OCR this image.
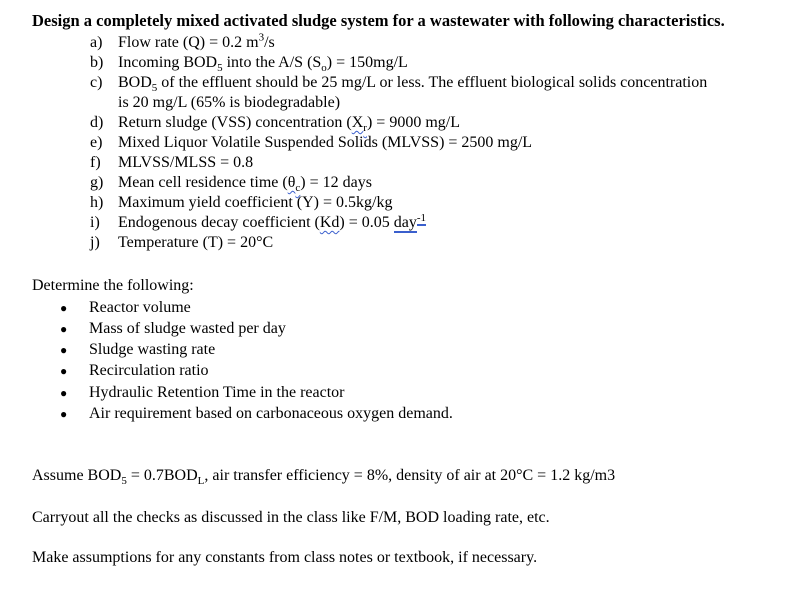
Design a completely mixed activated sludge system for a wastewater with following characteristics.
a) Flow rate (Q) = 0.2 $m^3/s$
b) Incoming $BOD_5$ into the A/S $(S_o) = 150mg/L$
c) $BOD_5$ of the effluent should be 25 mg/L or less. The effluent biological solids concentration
is 20 mg/L (65% is biodegradable)
d) Return sludge (VSS) concentration $(X_r) = 9000$ mg/L
e) Mixed Liquor Volatile Suspended Solids (MLVSS) = 2500 mg/L
f)	MLVSS/MLSS = 0.8
g) Mean cell residence time $(\theta_c) = 12$ days
h) Maximum yield coefficient (Y) = 0.5kg/kg
i)	Endogenous decay coefficient (Kd) = 0.05 day$^{-1}$
j)	Temperature (T) = 20°C
Determine the following:
● Reactor volume
● Mass of sludge wasted per day
● Sludge wasting rate
● Recirculation ratio
● Hydraulic Retention Time in the reactor
● Air requirement based on carbonaceous oxygen demand.
Assume $BOD_5 = 0.7BOD_L$, air transfer efficiency = 8%, density of air at 20°C = 1.2 kg/m3
Carryout all the checks as discussed in the class like F/M, BOD loading rate, etc.
Make assumptions for any constants from class notes or textbook, if necessary.
